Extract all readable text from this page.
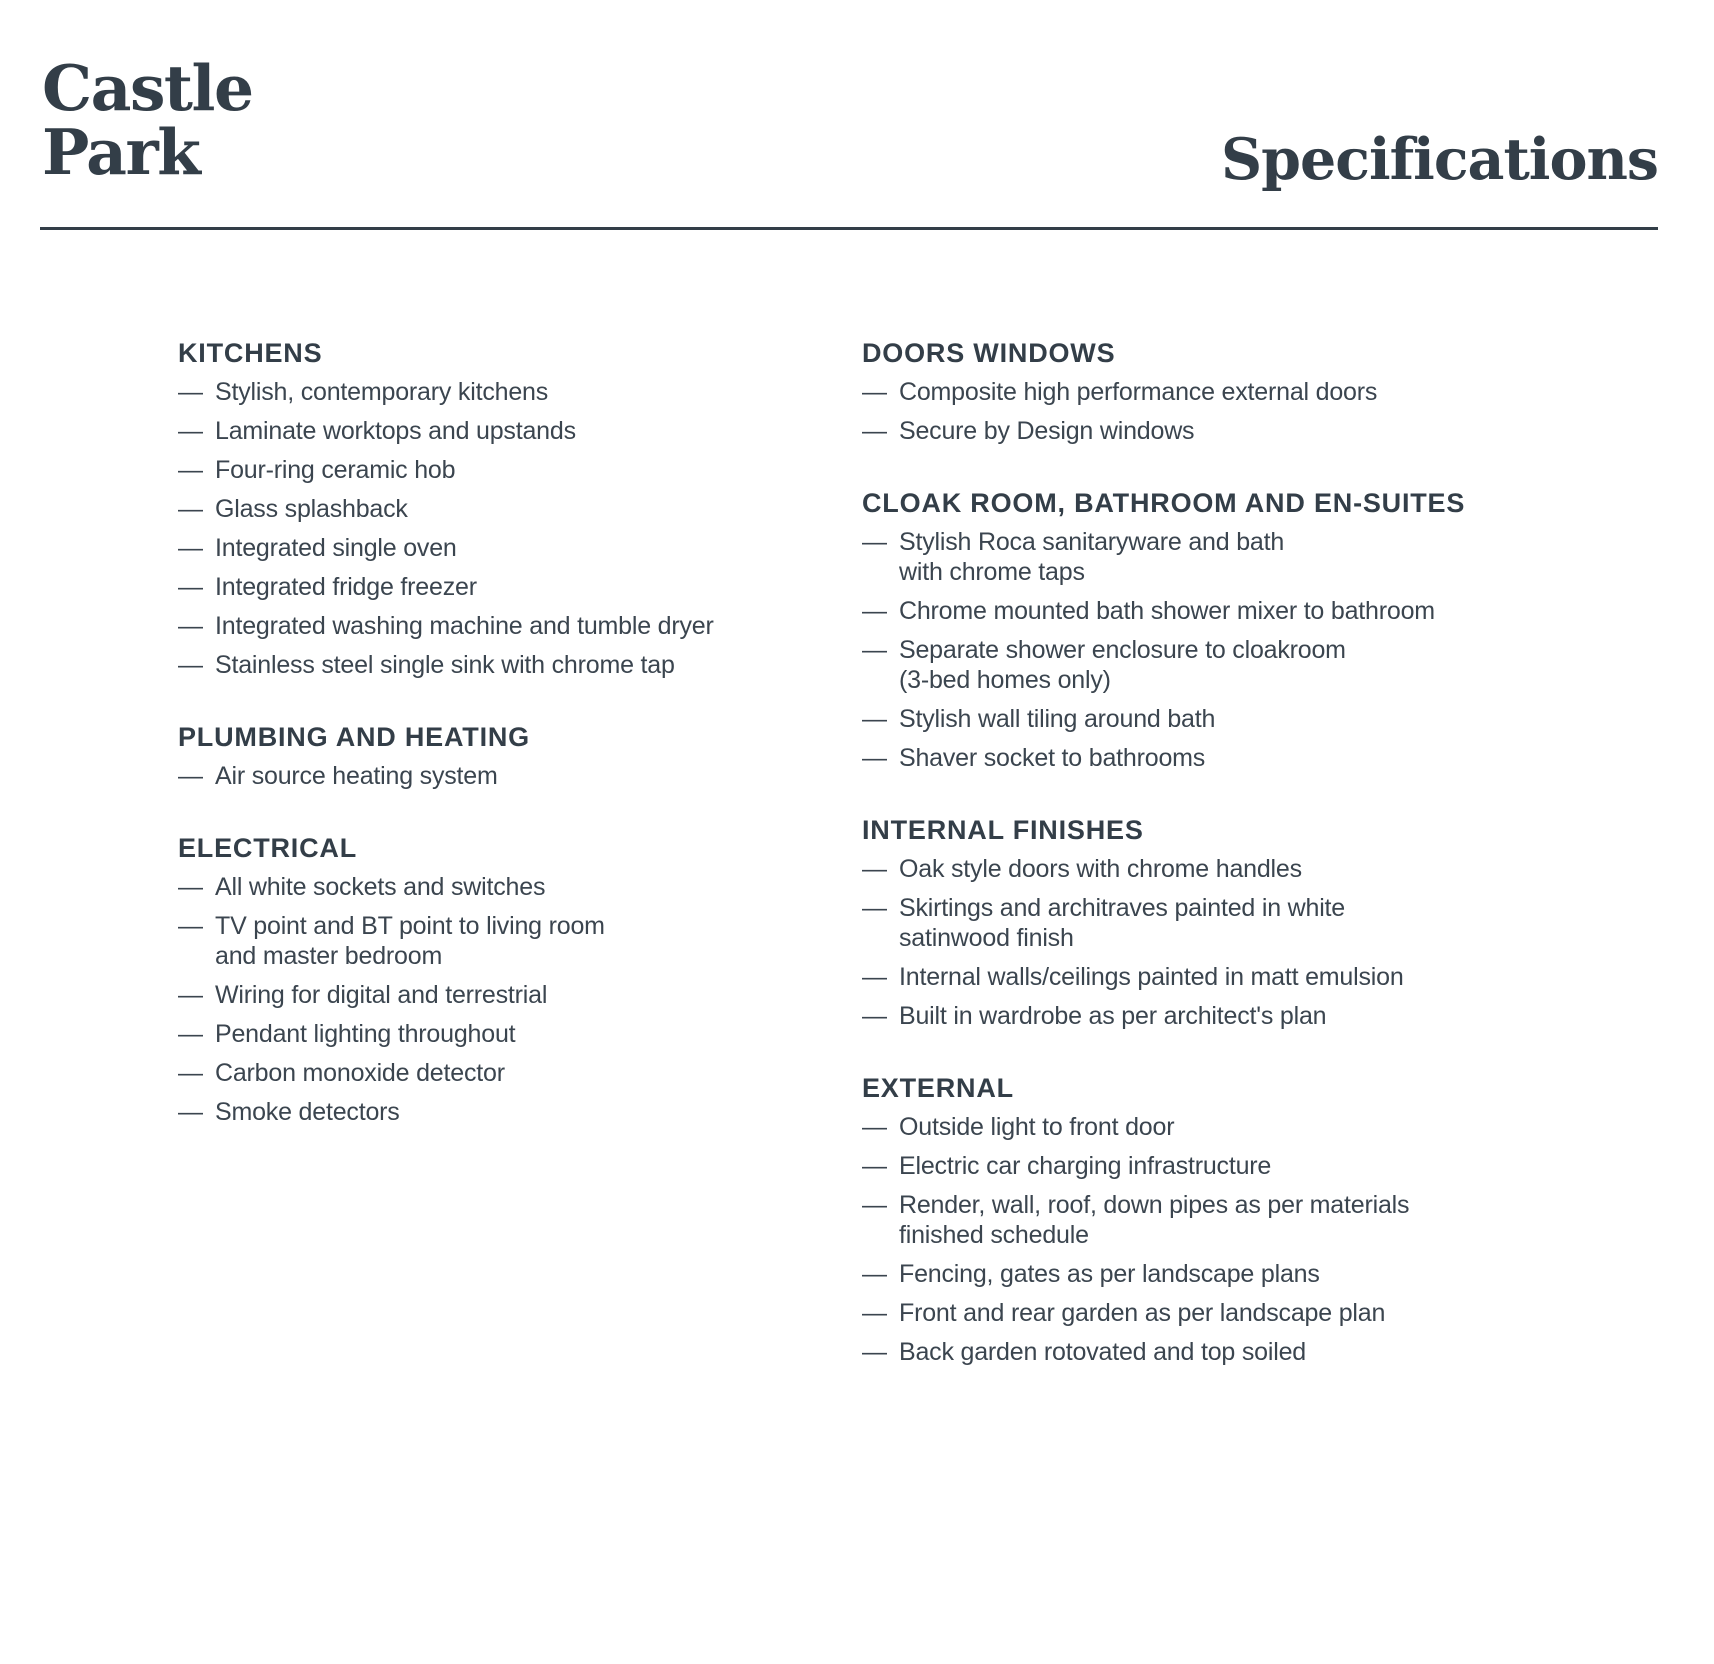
Castle
Park	Specifications
KITCHENS
— Stylish, contemporary kitchens
— Laminate worktops and upstands
— Four-ring ceramic hob
— Glass splashback
— Integrated single oven
— Integrated fridge freezer
— Integrated washing machine and tumble dryer
— Stainless steel single sink with chrome tap
PLUMBING AND HEATING
— Air source heating system
ELECTRICAL
— All white sockets and switches
— TV point and BT point to living room
and master bedroom
— Wiring for digital and terrestrial
— Pendant lighting throughout
— Carbon monoxide detector
— Smoke detectors
DOORS WINDOWS
— Composite high performance external doors
— Secure by Design windows
CLOAK ROOM, BATHROOM AND EN-SUITES
— Stylish Roca sanitaryware and bath
with chrome taps
— Chrome mounted bath shower mixer to bathroom
— Separate shower enclosure to cloakroom
(3-bed homes only)
— Stylish wall tiling around bath
— Shaver socket to bathrooms
INTERNAL FINISHES
— Oak style doors with chrome handles
— Skirtings and architraves painted in white
satinwood finish
— Internal walls/ceilings painted in matt emulsion
— Built in wardrobe as per architect's plan
EXTERNAL
— Outside light to front door
— Electric car charging infrastructure
— Render, wall, roof, down pipes as per materials
finished schedule
— Fencing, gates as per landscape plans
— Front and rear garden as per landscape plan
— Back garden rotovated and top soiled
